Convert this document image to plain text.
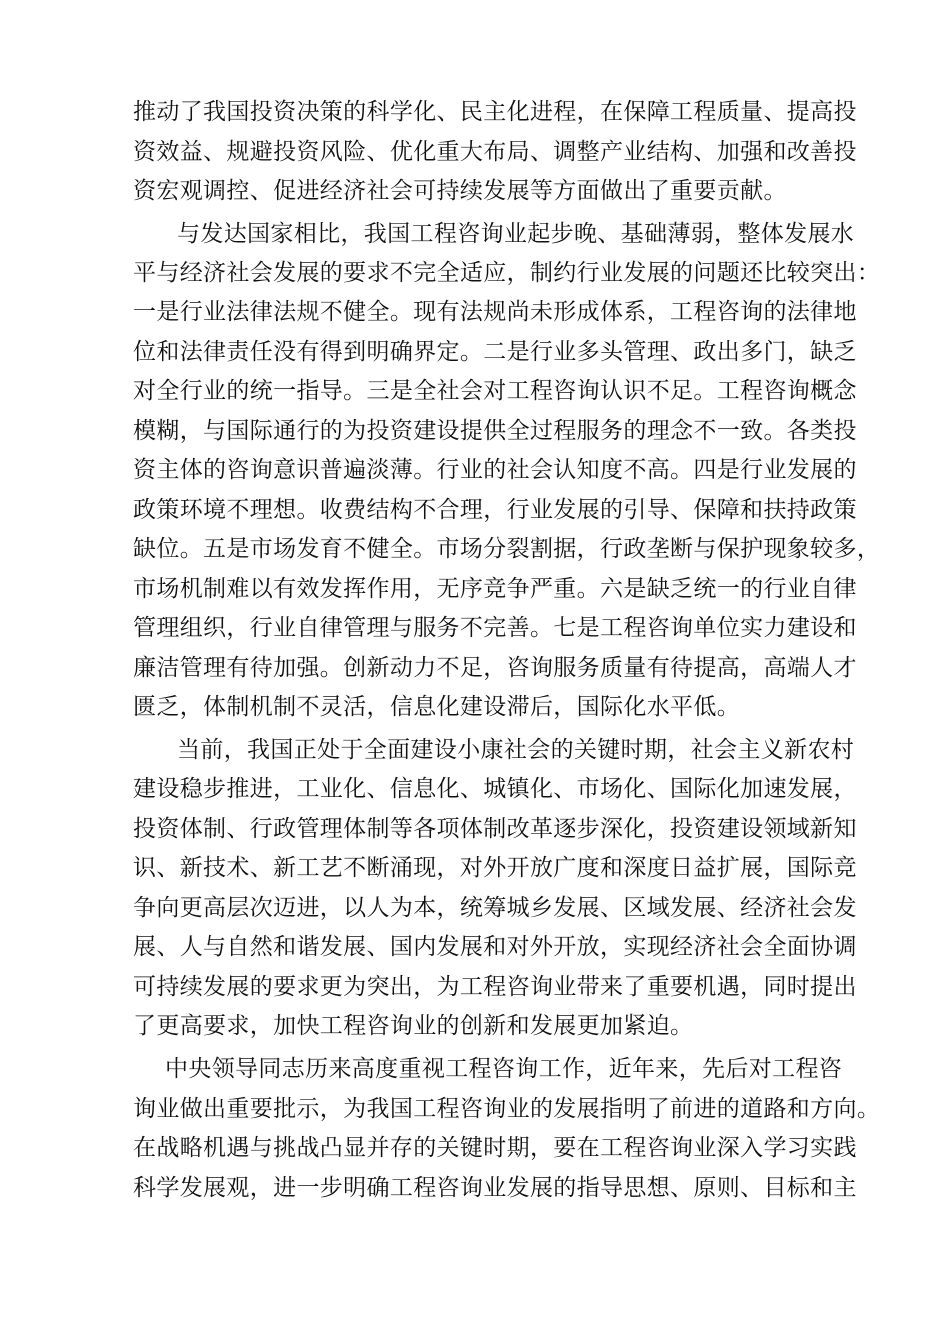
推动了我国投资决策的科学化、民主化进程，在保障工程质量、提高投
资效益、规避投资风险、优化重大布局、调整产业结构、加强和改善投
资宏观调控、促进经济社会可持续发展等方面做出了重要贡献。
与发达国家相比，我国工程咨询业起步晚、基础薄弱，整体发展水
平与经济社会发展的要求不完全适应，制约行业发展的问题还比较突出：
一是行业法律法规不健全。现有法规尚未形成体系，工程咨询的法律地
位和法律责任没有得到明确界定。二是行业多头管理、政出多门，缺乏
对全行业的统一指导。三是全社会对工程咨询认识不足。工程咨询概念
模糊，与国际通行的为投资建设提供全过程服务的理念不一致。各类投
资主体的咨询意识普遍淡薄。行业的社会认知度不高。四是行业发展的
政策环境不理想。收费结构不合理，行业发展的引导、保障和扶持政策
缺位。五是市场发育不健全。市场分裂割据，行政垄断与保护现象较多，
市场机制难以有效发挥作用，无序竞争严重。六是缺乏统一的行业自律
管理组织，行业自律管理与服务不完善。七是工程咨询单位实力建设和
廉洁管理有待加强。创新动力不足，咨询服务质量有待提高，高端人才
匮乏，体制机制不灵活，信息化建设滞后，国际化水平低。
当前，我国正处于全面建设小康社会的关键时期，社会主义新农村
建设稳步推进，工业化、信息化、城镇化、市场化、国际化加速发展，
投资体制、行政管理体制等各项体制改革逐步深化，投资建设领域新知
识、新技术、新工艺不断涌现，对外开放广度和深度日益扩展，国际竞
争向更高层次迈进，以人为本，统筹城乡发展、区域发展、经济社会发
展、人与自然和谐发展、国内发展和对外开放，实现经济社会全面协调
可持续发展的要求更为突出，为工程咨询业带来了重要机遇，同时提出
了更高要求，加快工程咨询业的创新和发展更加紧迫。
中央领导同志历来高度重视工程咨询工作，近年来，先后对工程咨
询业做出重要批示，为我国工程咨询业的发展指明了前进的道路和方向。
在战略机遇与挑战凸显并存的关键时期，要在工程咨询业深入学习实践
科学发展观，进一步明确工程咨询业发展的指导思想、原则、目标和主
